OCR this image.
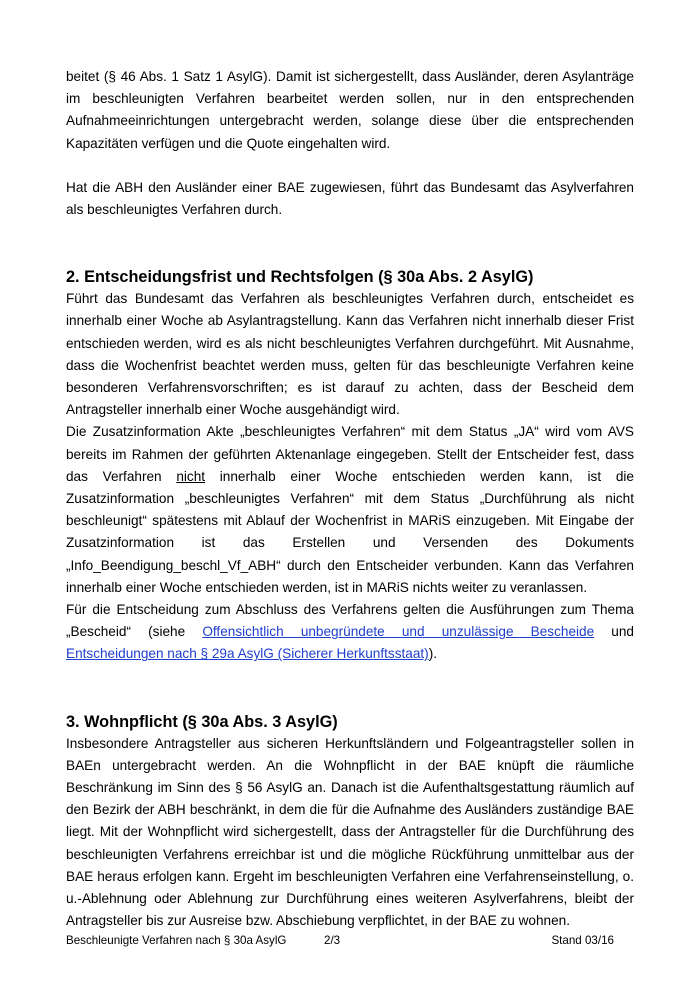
beitet (§ 46 Abs. 1 Satz 1 AsylG). Damit ist sichergestellt, dass Ausländer, deren Asylanträge im beschleunigten Verfahren bearbeitet werden sollen, nur in den entsprechenden Aufnahmeeinrichtungen untergebracht werden, solange diese über die entsprechenden Kapazitäten verfügen und die Quote eingehalten wird.

Hat die ABH den Ausländer einer BAE zugewiesen, führt das Bundesamt das Asylverfahren als beschleunigtes Verfahren durch.

2. Entscheidungsfrist und Rechtsfolgen (§ 30a Abs. 2 AsylG)

Führt das Bundesamt das Verfahren als beschleunigtes Verfahren durch, entscheidet es innerhalb einer Woche ab Asylantragstellung. Kann das Verfahren nicht innerhalb dieser Frist entschieden werden, wird es als nicht beschleunigtes Verfahren durchgeführt. Mit Ausnahme, dass die Wochenfrist beachtet werden muss, gelten für das beschleunigte Verfahren keine besonderen Verfahrensvorschriften; es ist darauf zu achten, dass der Bescheid dem Antragsteller innerhalb einer Woche ausgehändigt wird.

Die Zusatzinformation Akte „beschleunigtes Verfahren“ mit dem Status „JA“ wird vom AVS bereits im Rahmen der geführten Aktenanlage eingegeben. Stellt der Entscheider fest, dass das Verfahren nicht innerhalb einer Woche entschieden werden kann, ist die Zusatzinformation „beschleunigtes Verfahren“ mit dem Status „Durchführung als nicht beschleunigt“ spätestens mit Ablauf der Wochenfrist in MARiS einzugeben. Mit Eingabe der Zusatzinformation ist das Erstellen und Versenden des Dokuments „Info_Beendigung_beschl_Vf_ABH“ durch den Entscheider verbunden. Kann das Verfahren innerhalb einer Woche entschieden werden, ist in MARiS nichts weiter zu veranlassen.

Für die Entscheidung zum Abschluss des Verfahrens gelten die Ausführungen zum Thema „Bescheid“ (siehe Offensichtlich unbegründete und unzulässige Bescheide und Entscheidungen nach § 29a AsylG (Sicherer Herkunftsstaat)).

3. Wohnpflicht (§ 30a Abs. 3 AsylG)

Insbesondere Antragsteller aus sicheren Herkunftsländern und Folgeantragsteller sollen in BAEn untergebracht werden. An die Wohnpflicht in der BAE knüpft die räumliche Beschränkung im Sinn des § 56 AsylG an. Danach ist die Aufenthaltsgestattung räumlich auf den Bezirk der ABH beschränkt, in dem die für die Aufnahme des Ausländers zuständige BAE liegt. Mit der Wohnpflicht wird sichergestellt, dass der Antragsteller für die Durchführung des beschleunigten Verfahrens erreichbar ist und die mögliche Rückführung unmittelbar aus der BAE heraus erfolgen kann. Ergeht im beschleunigten Verfahren eine Verfahrenseinstellung, o. u.-Ablehnung oder Ablehnung zur Durchführung eines weiteren Asylverfahrens, bleibt der Antragsteller bis zur Ausreise bzw. Abschiebung verpflichtet, in der BAE zu wohnen.

Beschleunigte Verfahren nach § 30a AsylG	2/3	Stand 03/16
